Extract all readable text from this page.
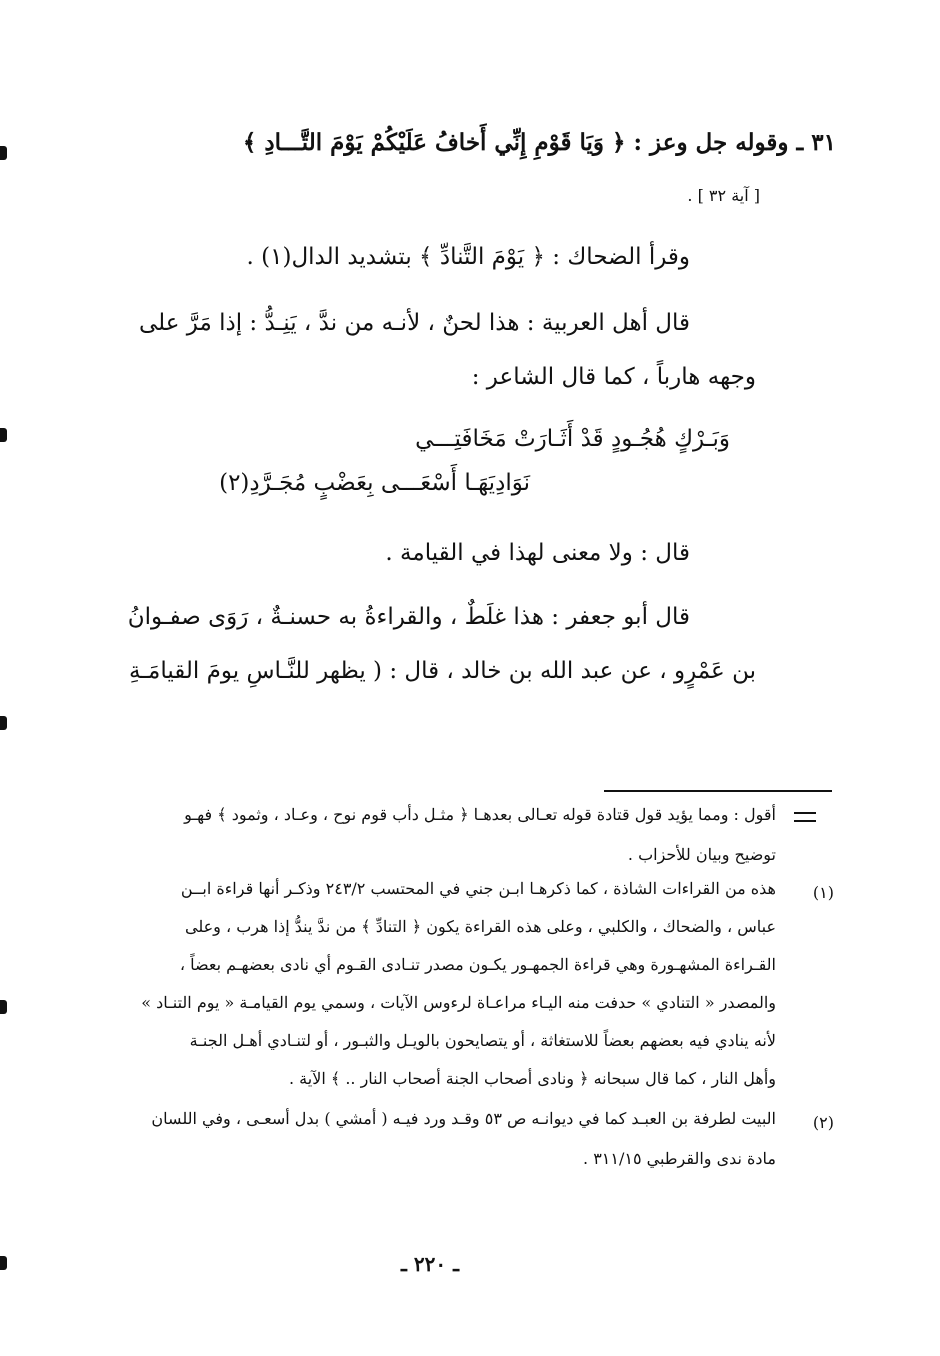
٣١ ـ وقوله جل وعز : ﴿ وَيَا قَوْمِ إِنِّي أَخافُ عَلَيْكُمْ يَوْمَ التَّـــادِ ﴾
[ آية ٣٢ ] .
وقرأ الضحاك : ﴿ يَوْمَ التَّنادِّ ﴾ بتشديد الدال(١) .
قال أهل العربية : هذا لحنٌ ، لأنـه من ندَّ ، يَنِـدُّ : إذا مَرَّ على
وجهه هارباً ، كما قال الشاعر :
وَبَـرْكٍ هُجُـودٍ قَدْ أَثَـارَتْ مَخَافَتِـــي
نَوَادِيَهَـا أَسْعَـــى بِعَضْبٍ مُجَـرَّدِ(٢)
قال : ولا معنى لهذا في القيامة .
قال أبو جعفر : هذا غلَطٌ ، والقراءةُ به حسنـةٌ ، رَوَى صفـوانُ
بن عَمْرٍو ، عن عبد الله بن خالد ، قال : ( يظهر للنَّـاسِ يومَ القيامَـةِ
أقول : ومما يؤيد قول قتادة قوله تعـالى بعدهـا ﴿ مثـل دأب قوم نوح ، وعـاد ، وثمود ﴾ فهـو
توضيح وبيان للأحزاب .
(١)
هذه من القراءات الشاذة ، كما ذكرهـا ابـن جني في المحتسب ٢٤٣/٢ وذكـر أنها قراءة ابــن
عباس ، والضحاك ، والكلبي ، وعلى هذه القراءة يكون ﴿ التنادِّ ﴾ من ندَّ يندُّ إذا هرب ، وعلى
القـراءة المشهـورة وهي قراءة الجمهـور يكـون مصدر تنـادى القـوم أي نادى بعضهـم بعضاً ،
والمصدر « التنادي » حدفت منه اليـاء مراعـاة لرءوس الآيات ، وسمي يوم القيامـة « يوم التنـاد »
لأنه ينادي فيه بعضهم بعضاً للاستغاثة ، أو يتصايحون بالويـل والثبـور ، أو لتنـادي أهـل الجنـة
وأهل النار ، كما قال سبحانه ﴿ ونادى أصحاب الجنة أصحاب النار .. ﴾ الآية .
(٢)
البيت لطرفة بن العبـد كما في ديوانـه ص ٥٣ وقـد ورد فيـه ( أمشي ) بدل أسعـى ، وفي اللسان
مادة ندى والقرطبي ٣١١/١٥ .
ـ ٢٢٠ ـ
